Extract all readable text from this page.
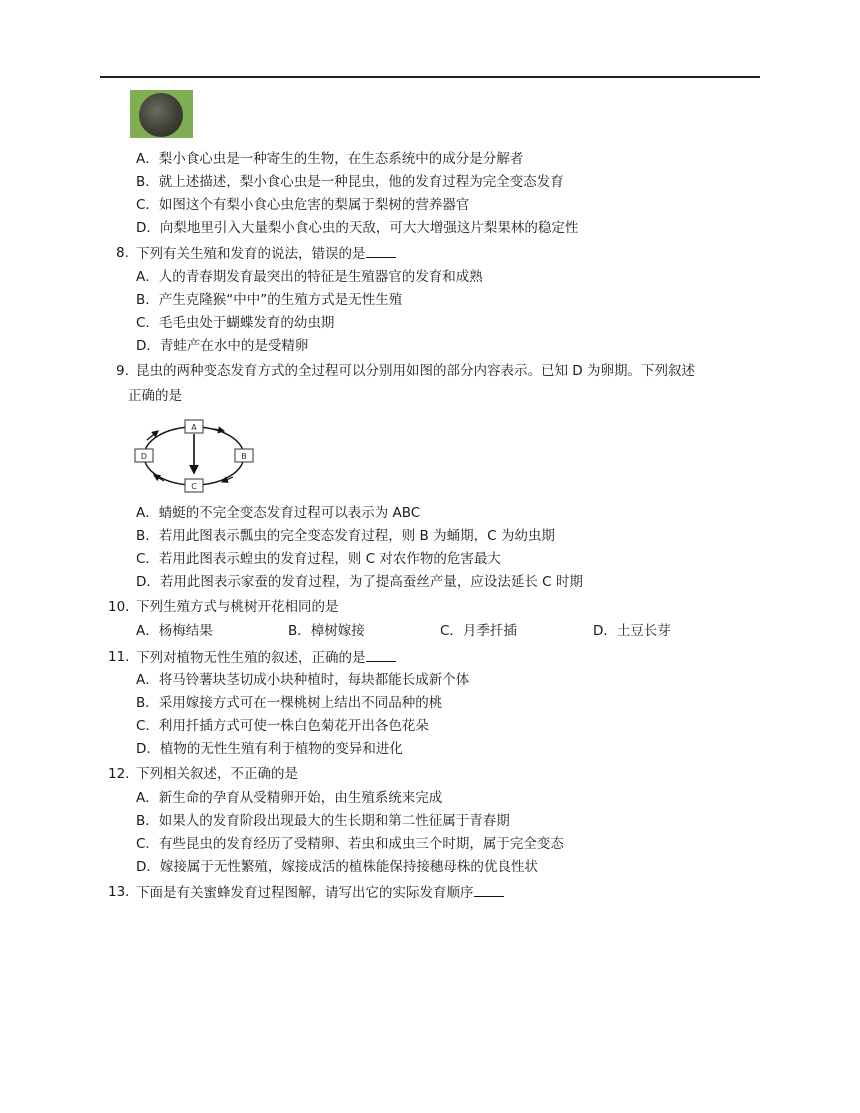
A．梨小食心虫是一种寄生的生物，在生态系统中的成分是分解者
B．就上述描述，梨小食心虫是一种昆虫，他的发育过程为完全变态发育
C．如图这个有梨小食心虫危害的梨属于梨树的营养器官
D．向梨地里引入大量梨小食心虫的天敌，可大大增强这片梨果林的稳定性
8. 下列有关生殖和发育的说法，错误的是
A．人的青春期发育最突出的特征是生殖器官的发育和成熟
B．产生克隆猴“中中”的生殖方式是无性生殖
C．毛毛虫处于蝴蝶发育的幼虫期
D．青蛙产在水中的是受精卵
9. 昆虫的两种变态发育方式的全过程可以分别用如图的部分内容表示。已知 D 为卵期。下列叙述
正确的是
A
B
C
D
A．蜻蜓的不完全变态发育过程可以表示为 ABC
B．若用此图表示瓢虫的完全变态发育过程，则 B 为蛹期，C 为幼虫期
C．若用此图表示蝗虫的发育过程，则 C 对农作物的危害最大
D．若用此图表示家蚕的发育过程，为了提高蚕丝产量，应设法延长 C 时期
10. 下列生殖方式与桃树开花相同的是
A．杨梅结果	B．樟树嫁接	C．月季扦插	D．土豆长芽
11. 下列对植物无性生殖的叙述，正确的是
A．将马铃薯块茎切成小块种植时，每块都能长成新个体
B．采用嫁接方式可在一棵桃树上结出不同品种的桃
C．利用扦插方式可使一株白色菊花开出各色花朵
D．植物的无性生殖有利于植物的变异和进化
12. 下列相关叙述，不正确的是
A．新生命的孕育从受精卵开始，由生殖系统来完成
B．如果人的发育阶段出现最大的生长期和第二性征属于青春期
C．有些昆虫的发育经历了受精卵、若虫和成虫三个时期，属于完全变态
D．嫁接属于无性繁殖，嫁接成活的植株能保持接穗母株的优良性状
13. 下面是有关蜜蜂发育过程图解，请写出它的实际发育顺序
